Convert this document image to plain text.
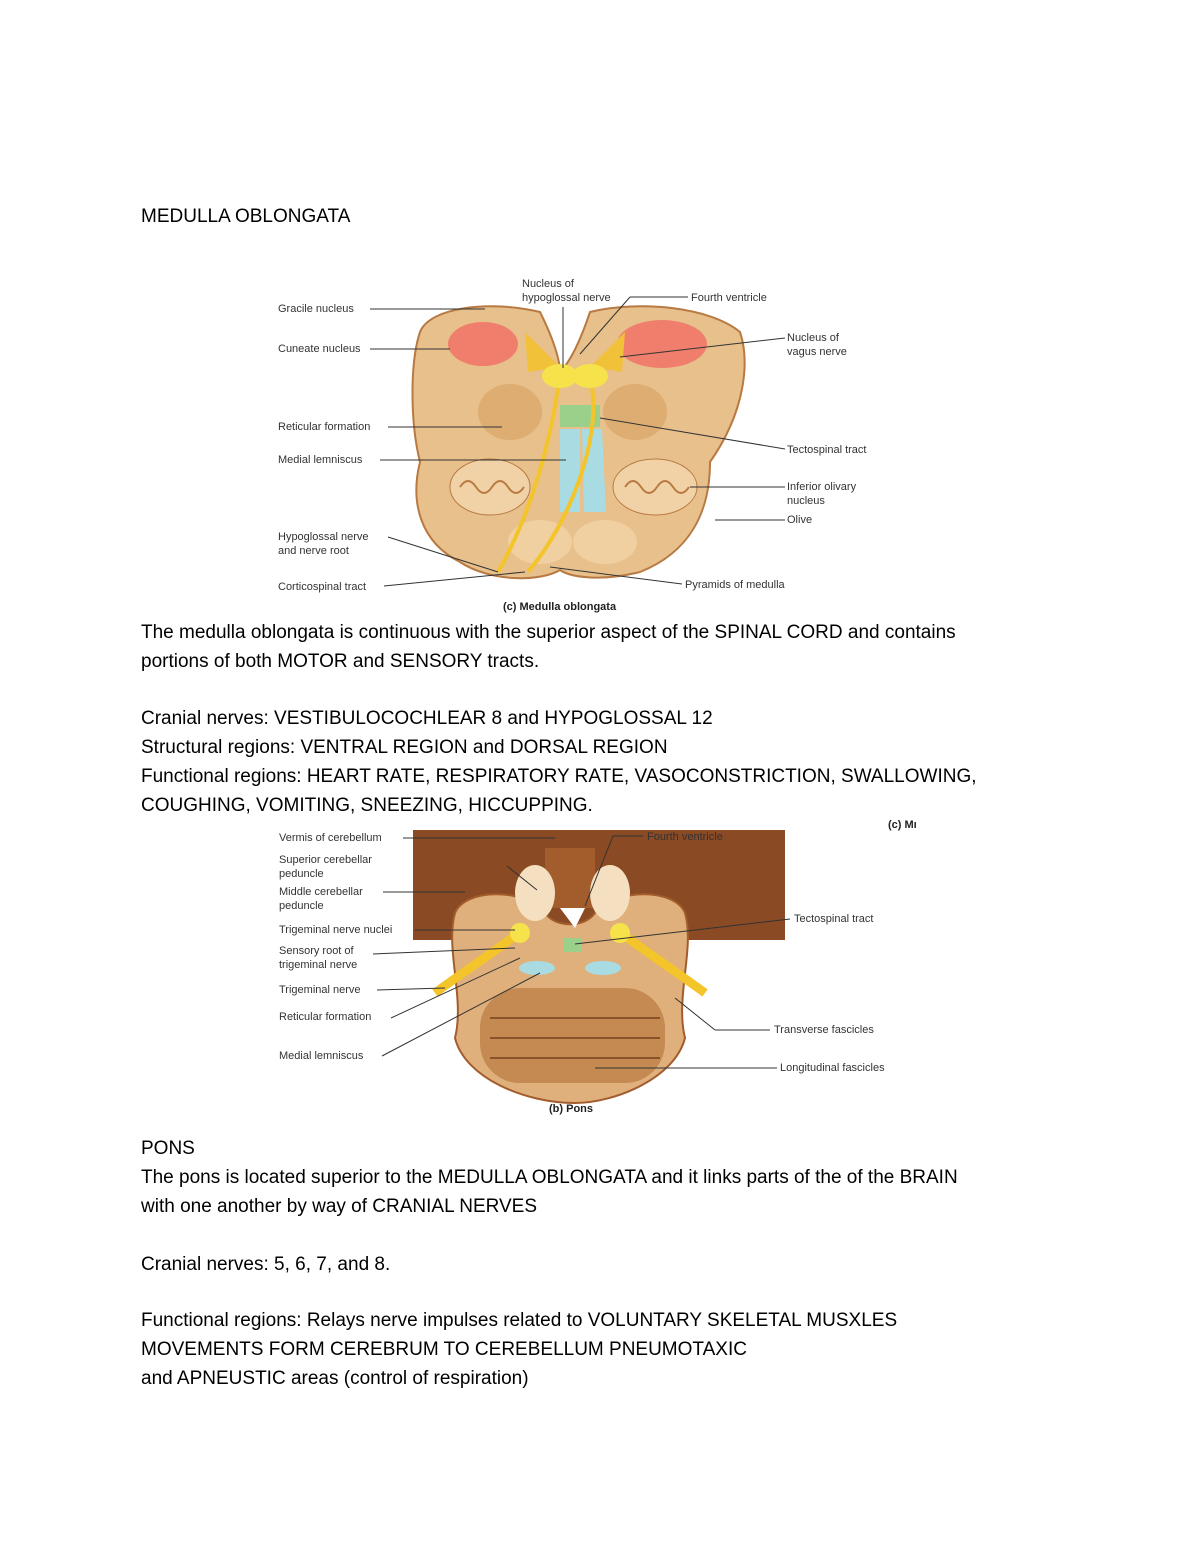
MEDULLA OBLONGATA
Gracile nucleus
Cuneate nucleus
Reticular formation
Medial lemniscus
Hypoglossal nerve
and nerve root
Corticospinal tract
Nucleus of
hypoglossal nerve	Fourth ventricle
Nucleus of
vagus nerve
Tectospinal tract
Inferior olivary
nucleus
Olive
Pyramids of medulla
(c) Medulla oblongata
The medulla oblongata is continuous with the superior aspect of the SPINAL CORD and contains
portions of both MOTOR and SENSORY tracts.
Cranial nerves: VESTIBULOCOCHLEAR 8 and HYPOGLOSSAL 12
Structural regions: VENTRAL REGION and DORSAL REGION
Functional regions: HEART RATE, RESPIRATORY RATE, VASOCONSTRICTION, SWALLOWING,
COUGHING, VOMITING, SNEEZING, HICCUPPING.
Vermis of cerebellum
Superior cerebellar
peduncle
Middle cerebellar
peduncle
Trigeminal nerve nuclei
Sensory root of
trigeminal nerve
Trigeminal nerve
Reticular formation
Medial lemniscus
Fourth ventricle
(c) Mı
Tectospinal tract
Transverse fascicles
Longitudinal fascicles
(b) Pons
PONS
The pons is located superior to the MEDULLA OBLONGATA and it links parts of the of the BRAIN
with one another by way of CRANIAL NERVES
Cranial nerves: 5, 6, 7, and 8.
Functional regions: Relays nerve impulses related to VOLUNTARY SKELETAL MUSXLES
MOVEMENTS FORM CEREBRUM TO CEREBELLUM PNEUMOTAXIC
and APNEUSTIC areas (control of respiration)
